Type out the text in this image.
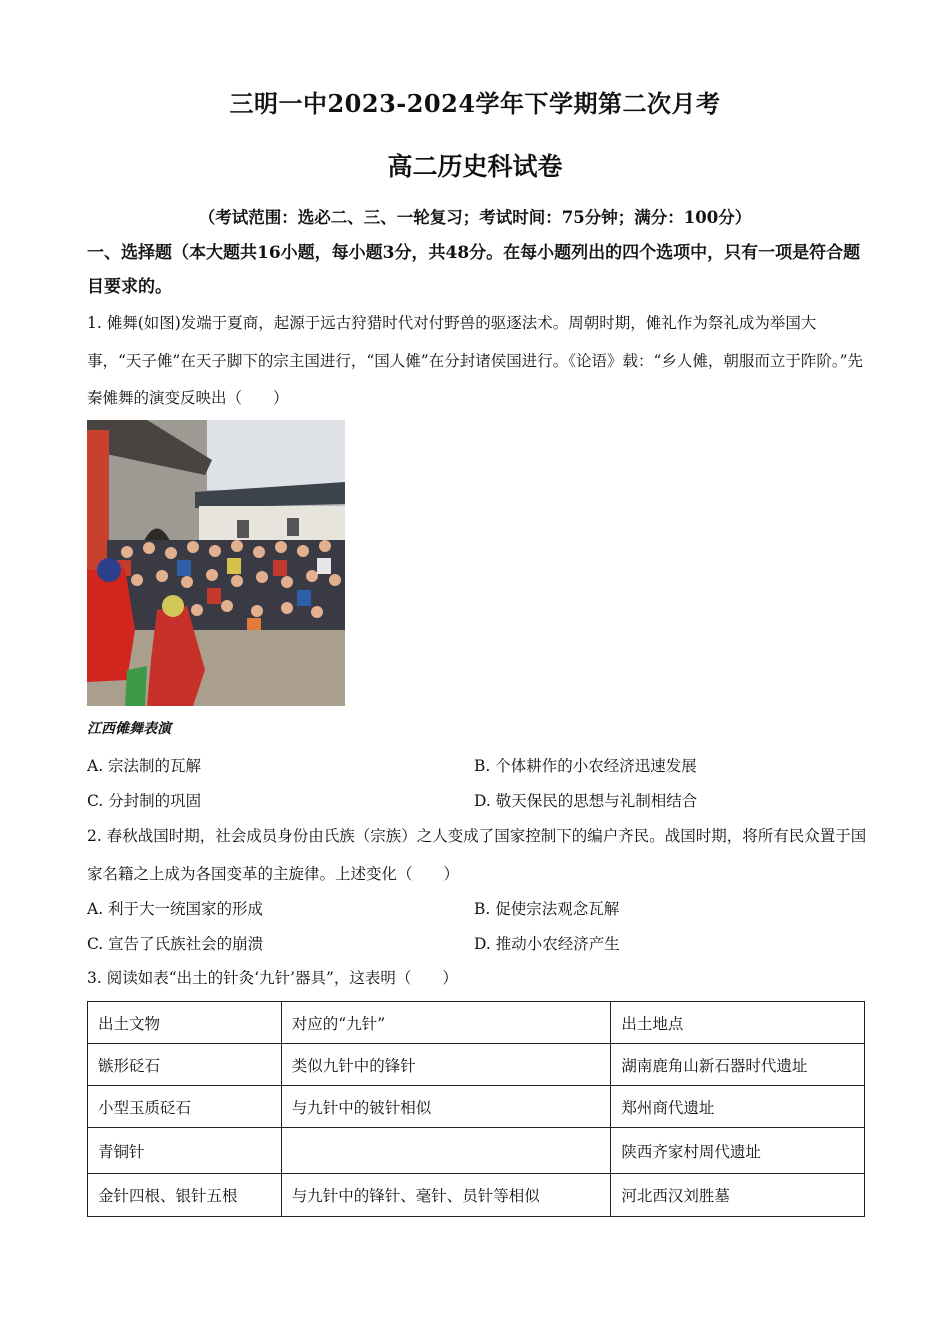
三明一中2023-2024学年下学期第二次月考
高二历史科试卷
（考试范围：选必二、三、一轮复习；考试时间：75分钟；满分：100分）
一、选择题（本大题共16小题，每小题3分，共48分。在每小题列出的四个选项中，只有一项是符合题目要求的。
1. 傩舞(如图)发端于夏商，起源于远古狩猎时代对付野兽的驱逐法术。周朝时期，傩礼作为祭礼成为举国大事，“天子傩”在天子脚下的宗主国进行，“国人傩”在分封诸侯国进行。《论语》载：“乡人傩，朝服而立于阼阶。”先秦傩舞的演变反映出（　　）
江西傩舞表演
A. 宗法制的瓦解	B. 个体耕作的小农经济迅速发展
C. 分封制的巩固	D. 敬天保民的思想与礼制相结合
2. 春秋战国时期，社会成员身份由氏族（宗族）之人变成了国家控制下的编户齐民。战国时期，将所有民众置于国家名籍之上成为各国变革的主旋律。上述变化（　　）
A. 利于大一统国家的形成	B. 促使宗法观念瓦解
C. 宣告了氏族社会的崩溃	D. 推动小农经济产生
3. 阅读如表“出土的针灸‘九针’器具”，这表明（　　）
出土文物	对应的“九针”	出土地点
镞形砭石	类似九针中的锋针	湖南鹿角山新石器时代遗址
小型玉质砭石	与九针中的铍针相似	郑州商代遗址
青铜针		陕西齐家村周代遗址
金针四根、银针五根	与九针中的锋针、毫针、员针等相似	河北西汉刘胜墓
